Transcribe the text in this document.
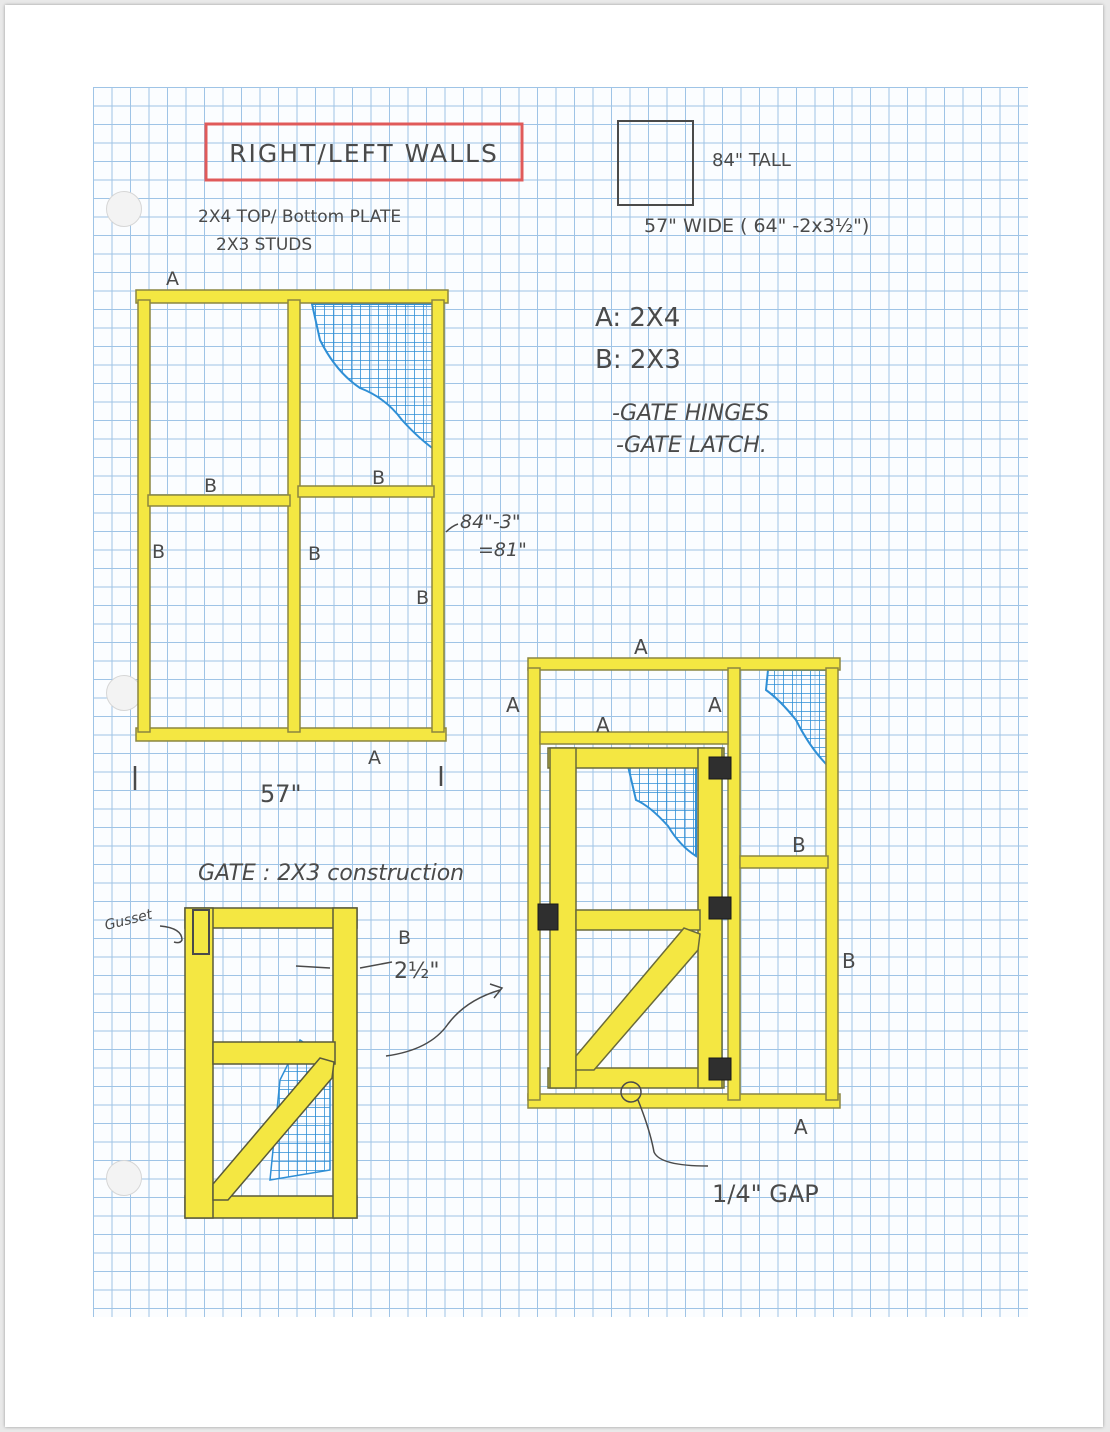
RIGHT/LEFT WALLS
2X4 TOP/ Bottom PLATE
2X3 STUDS
84" TALL
57" WIDE ( 64" -2x3½")
A: 2X4
B: 2X3
-GATE HINGES
-GATE LATCH.
A
B	B
B	B
B
A
84"-3"
=81"
57"
GATE : 2X3 construction
Gusset
B
2½"
A
A
A
A
B
B
A
1/4" GAP
